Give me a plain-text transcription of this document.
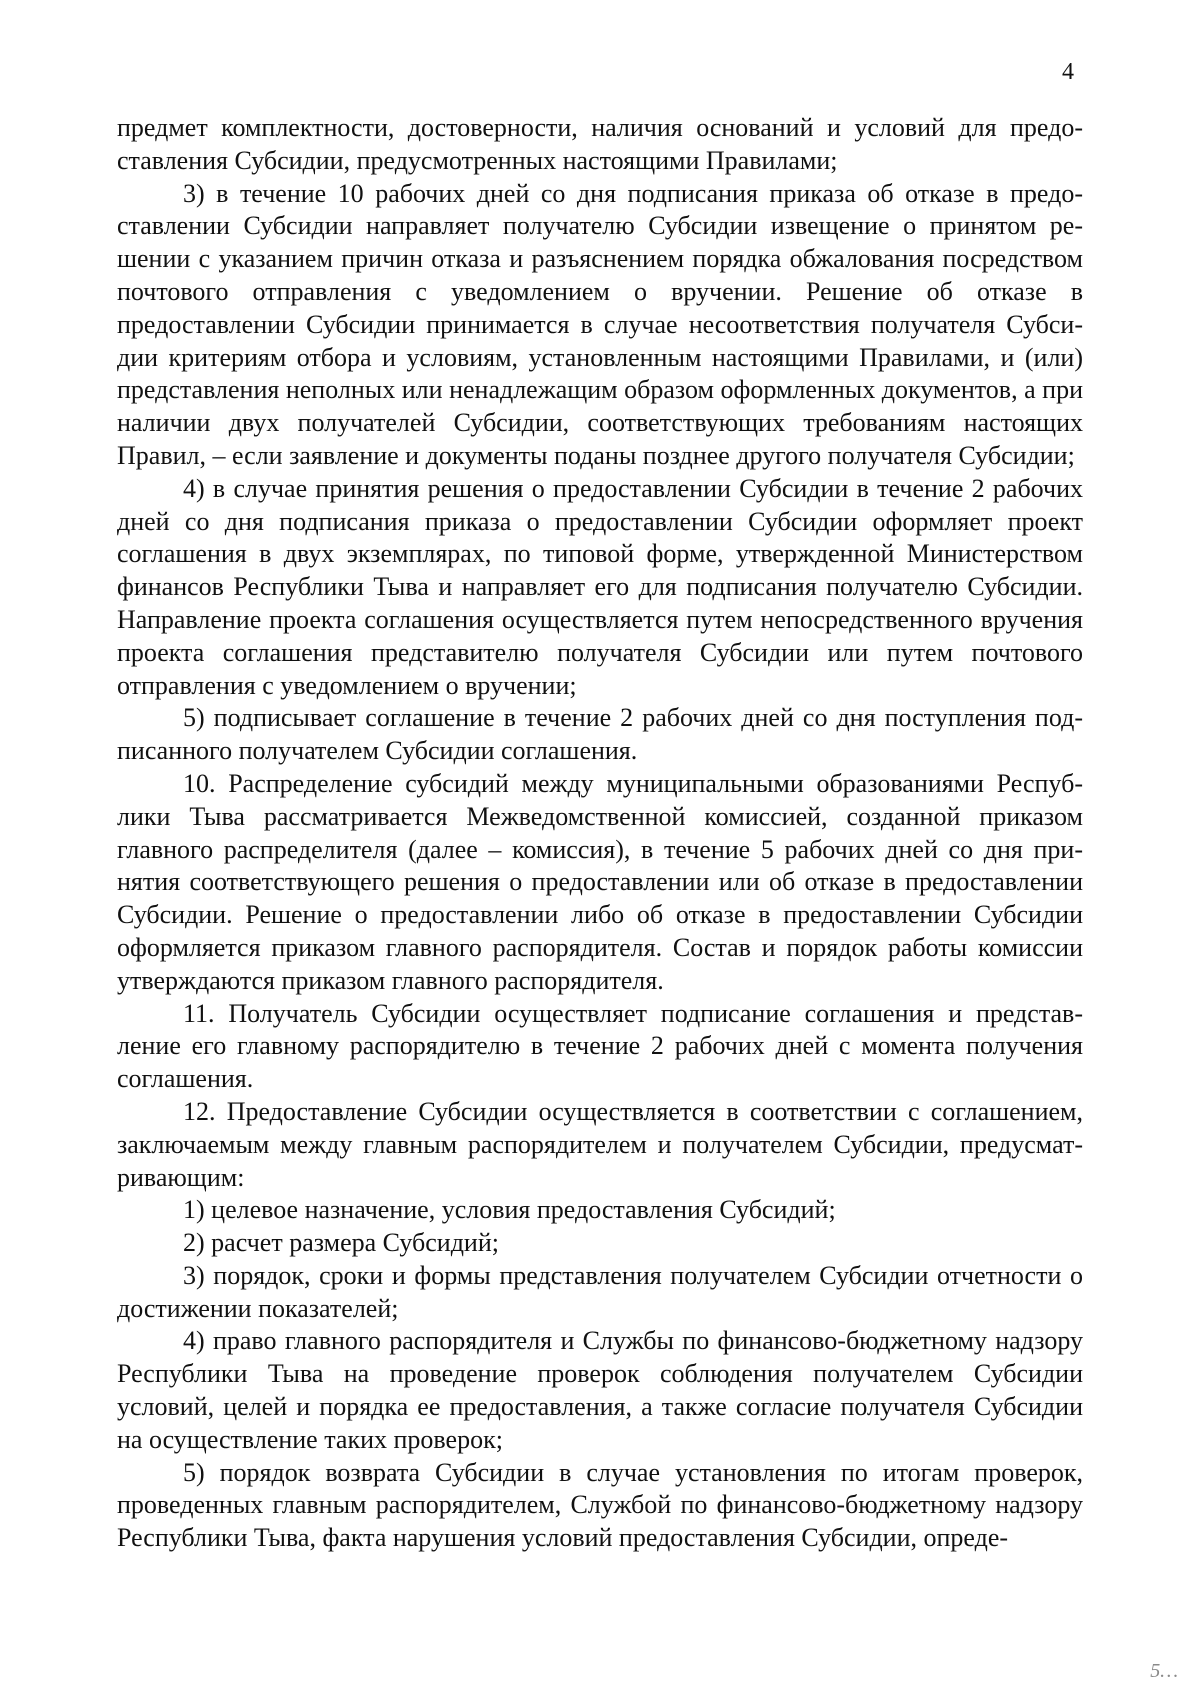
4

предмет комплектности, достоверности, наличия оснований и условий для предоставления Субсидии, предусмотренных настоящими Правилами;

3) в течение 10 рабочих дней со дня подписания приказа об отказе в предоставлении Субсидии направляет получателю Субсидии извещение о принятом решении с указанием причин отказа и разъяснением порядка обжалования посредством почтового отправления с уведомлением о вручении. Решение об отказе в предоставлении Субсидии принимается в случае несоответствия получателя Субсидии критериям отбора и условиям, установленным настоящими Правилами, и (или) представления неполных или ненадлежащим образом оформленных документов, а при наличии двух получателей Субсидии, соответствующих требованиям настоящих Правил, – если заявление и документы поданы позднее другого получателя Субсидии;

4) в случае принятия решения о предоставлении Субсидии в течение 2 рабочих дней со дня подписания приказа о предоставлении Субсидии оформляет проект соглашения в двух экземплярах, по типовой форме, утвержденной Министерством финансов Республики Тыва и направляет его для подписания получателю Субсидии. Направление проекта соглашения осуществляется путем непосредственного вручения проекта соглашения представителю получателя Субсидии или путем почтового отправления с уведомлением о вручении;

5) подписывает соглашение в течение 2 рабочих дней со дня поступления подписанного получателем Субсидии соглашения.

10. Распределение субсидий между муниципальными образованиями Республики Тыва рассматривается Межведомственной комиссией, созданной приказом главного распределителя (далее – комиссия), в течение 5 рабочих дней со дня принятия соответствующего решения о предоставлении или об отказе в предоставлении Субсидии. Решение о предоставлении либо об отказе в предоставлении Субсидии оформляется приказом главного распорядителя. Состав и порядок работы комиссии утверждаются приказом главного распорядителя.

11. Получатель Субсидии осуществляет подписание соглашения и представление его главному распорядителю в течение 2 рабочих дней с момента получения соглашения.

12. Предоставление Субсидии осуществляется в соответствии с соглашением, заключаемым между главным распорядителем и получателем Субсидии, предусматривающим:

1) целевое назначение, условия предоставления Субсидий;

2) расчет размера Субсидий;

3) порядок, сроки и формы представления получателем Субсидии отчетности о достижении показателей;

4) право главного распорядителя и Службы по финансово-бюджетному надзору Республики Тыва на проведение проверок соблюдения получателем Субсидии условий, целей и порядка ее предоставления, а также согласие получателя Субсидии на осуществление таких проверок;

5) порядок возврата Субсидии в случае установления по итогам проверок, проведенных главным распорядителем, Службой по финансово-бюджетному надзору Республики Тыва, факта нарушения условий предоставления Субсидии, опреде-

5…
